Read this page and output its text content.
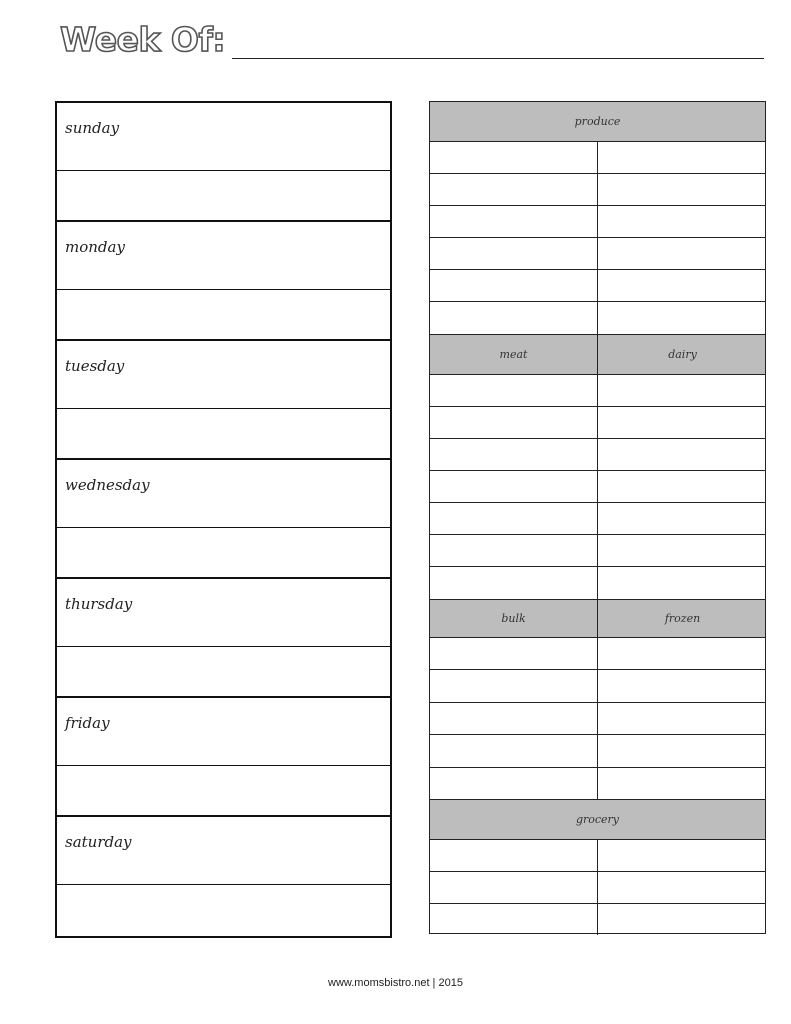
Week Of:
sunday
monday
tuesday
wednesday
thursday
friday
saturday
produce
meat	dairy
bulk	frozen
grocery
www.momsbistro.net | 2015
